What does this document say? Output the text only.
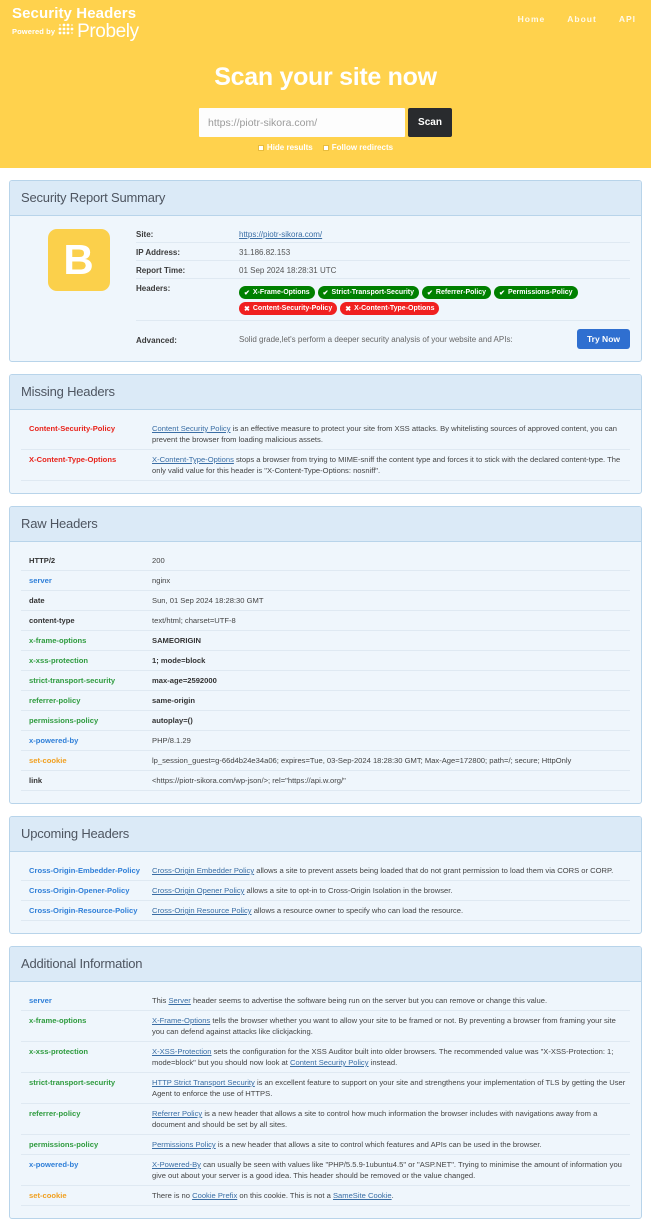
Security Headers
Powered by Probely
Home	About	API
Scan your site now
https://piotr-sikora.com/
Scan
Hide results Follow redirects
Security Report Summary
B
Site:	https://piotr-sikora.com/
IP Address:	31.186.82.153
Report Time:	01 Sep 2024 18:28:31 UTC
Headers:	✔ X-Frame-Options ✔ Strict-Transport-Security ✔ Referrer-Policy ✔ Permissions-Policy
✖ Content-Security-Policy ✖ X-Content-Type-Options
Advanced:	Solid grade,let's perform a deeper security analysis of your website and APIs:	Try Now
Missing Headers
Content-Security-Policy	Content Security Policy is an effective measure to protect your site from XSS attacks. By whitelisting sources of approved content, you can prevent the browser from loading malicious assets.
X-Content-Type-Options	X-Content-Type-Options stops a browser from trying to MIME-sniff the content type and forces it to stick with the declared content-type. The only valid value for this header is "X-Content-Type-Options: nosniff".
Raw Headers
HTTP/2	200
server	nginx
date	Sun, 01 Sep 2024 18:28:30 GMT
content-type	text/html; charset=UTF-8
x-frame-options	SAMEORIGIN
x-xss-protection	1; mode=block
strict-transport-security	max-age=2592000
referrer-policy	same-origin
permissions-policy	autoplay=()
x-powered-by	PHP/8.1.29
set-cookie	lp_session_guest=g-66d4b24e34a06; expires=Tue, 03-Sep-2024 18:28:30 GMT; Max-Age=172800; path=/; secure; HttpOnly
link	<https://piotr-sikora.com/wp-json/>; rel="https://api.w.org/"
Upcoming Headers
Cross-Origin-Embedder-Policy	Cross-Origin Embedder Policy allows a site to prevent assets being loaded that do not grant permission to load them via CORS or CORP.
Cross-Origin-Opener-Policy	Cross-Origin Opener Policy allows a site to opt-in to Cross-Origin Isolation in the browser.
Cross-Origin-Resource-Policy	Cross-Origin Resource Policy allows a resource owner to specify who can load the resource.
Additional Information
server	This Server header seems to advertise the software being run on the server but you can remove or change this value.
x-frame-options	X-Frame-Options tells the browser whether you want to allow your site to be framed or not. By preventing a browser from framing your site you can defend against attacks like clickjacking.
x-xss-protection	X-XSS-Protection sets the configuration for the XSS Auditor built into older browsers. The recommended value was "X-XSS-Protection: 1; mode=block" but you should now look at Content Security Policy instead.
strict-transport-security	HTTP Strict Transport Security is an excellent feature to support on your site and strengthens your implementation of TLS by getting the User Agent to enforce the use of HTTPS.
referrer-policy	Referrer Policy is a new header that allows a site to control how much information the browser includes with navigations away from a document and should be set by all sites.
permissions-policy	Permissions Policy is a new header that allows a site to control which features and APIs can be used in the browser.
x-powered-by	X-Powered-By can usually be seen with values like "PHP/5.5.9-1ubuntu4.5" or "ASP.NET". Trying to minimise the amount of information you give out about your server is a good idea. This header should be removed or the value changed.
set-cookie	There is no Cookie Prefix on this cookie. This is not a SameSite Cookie.
